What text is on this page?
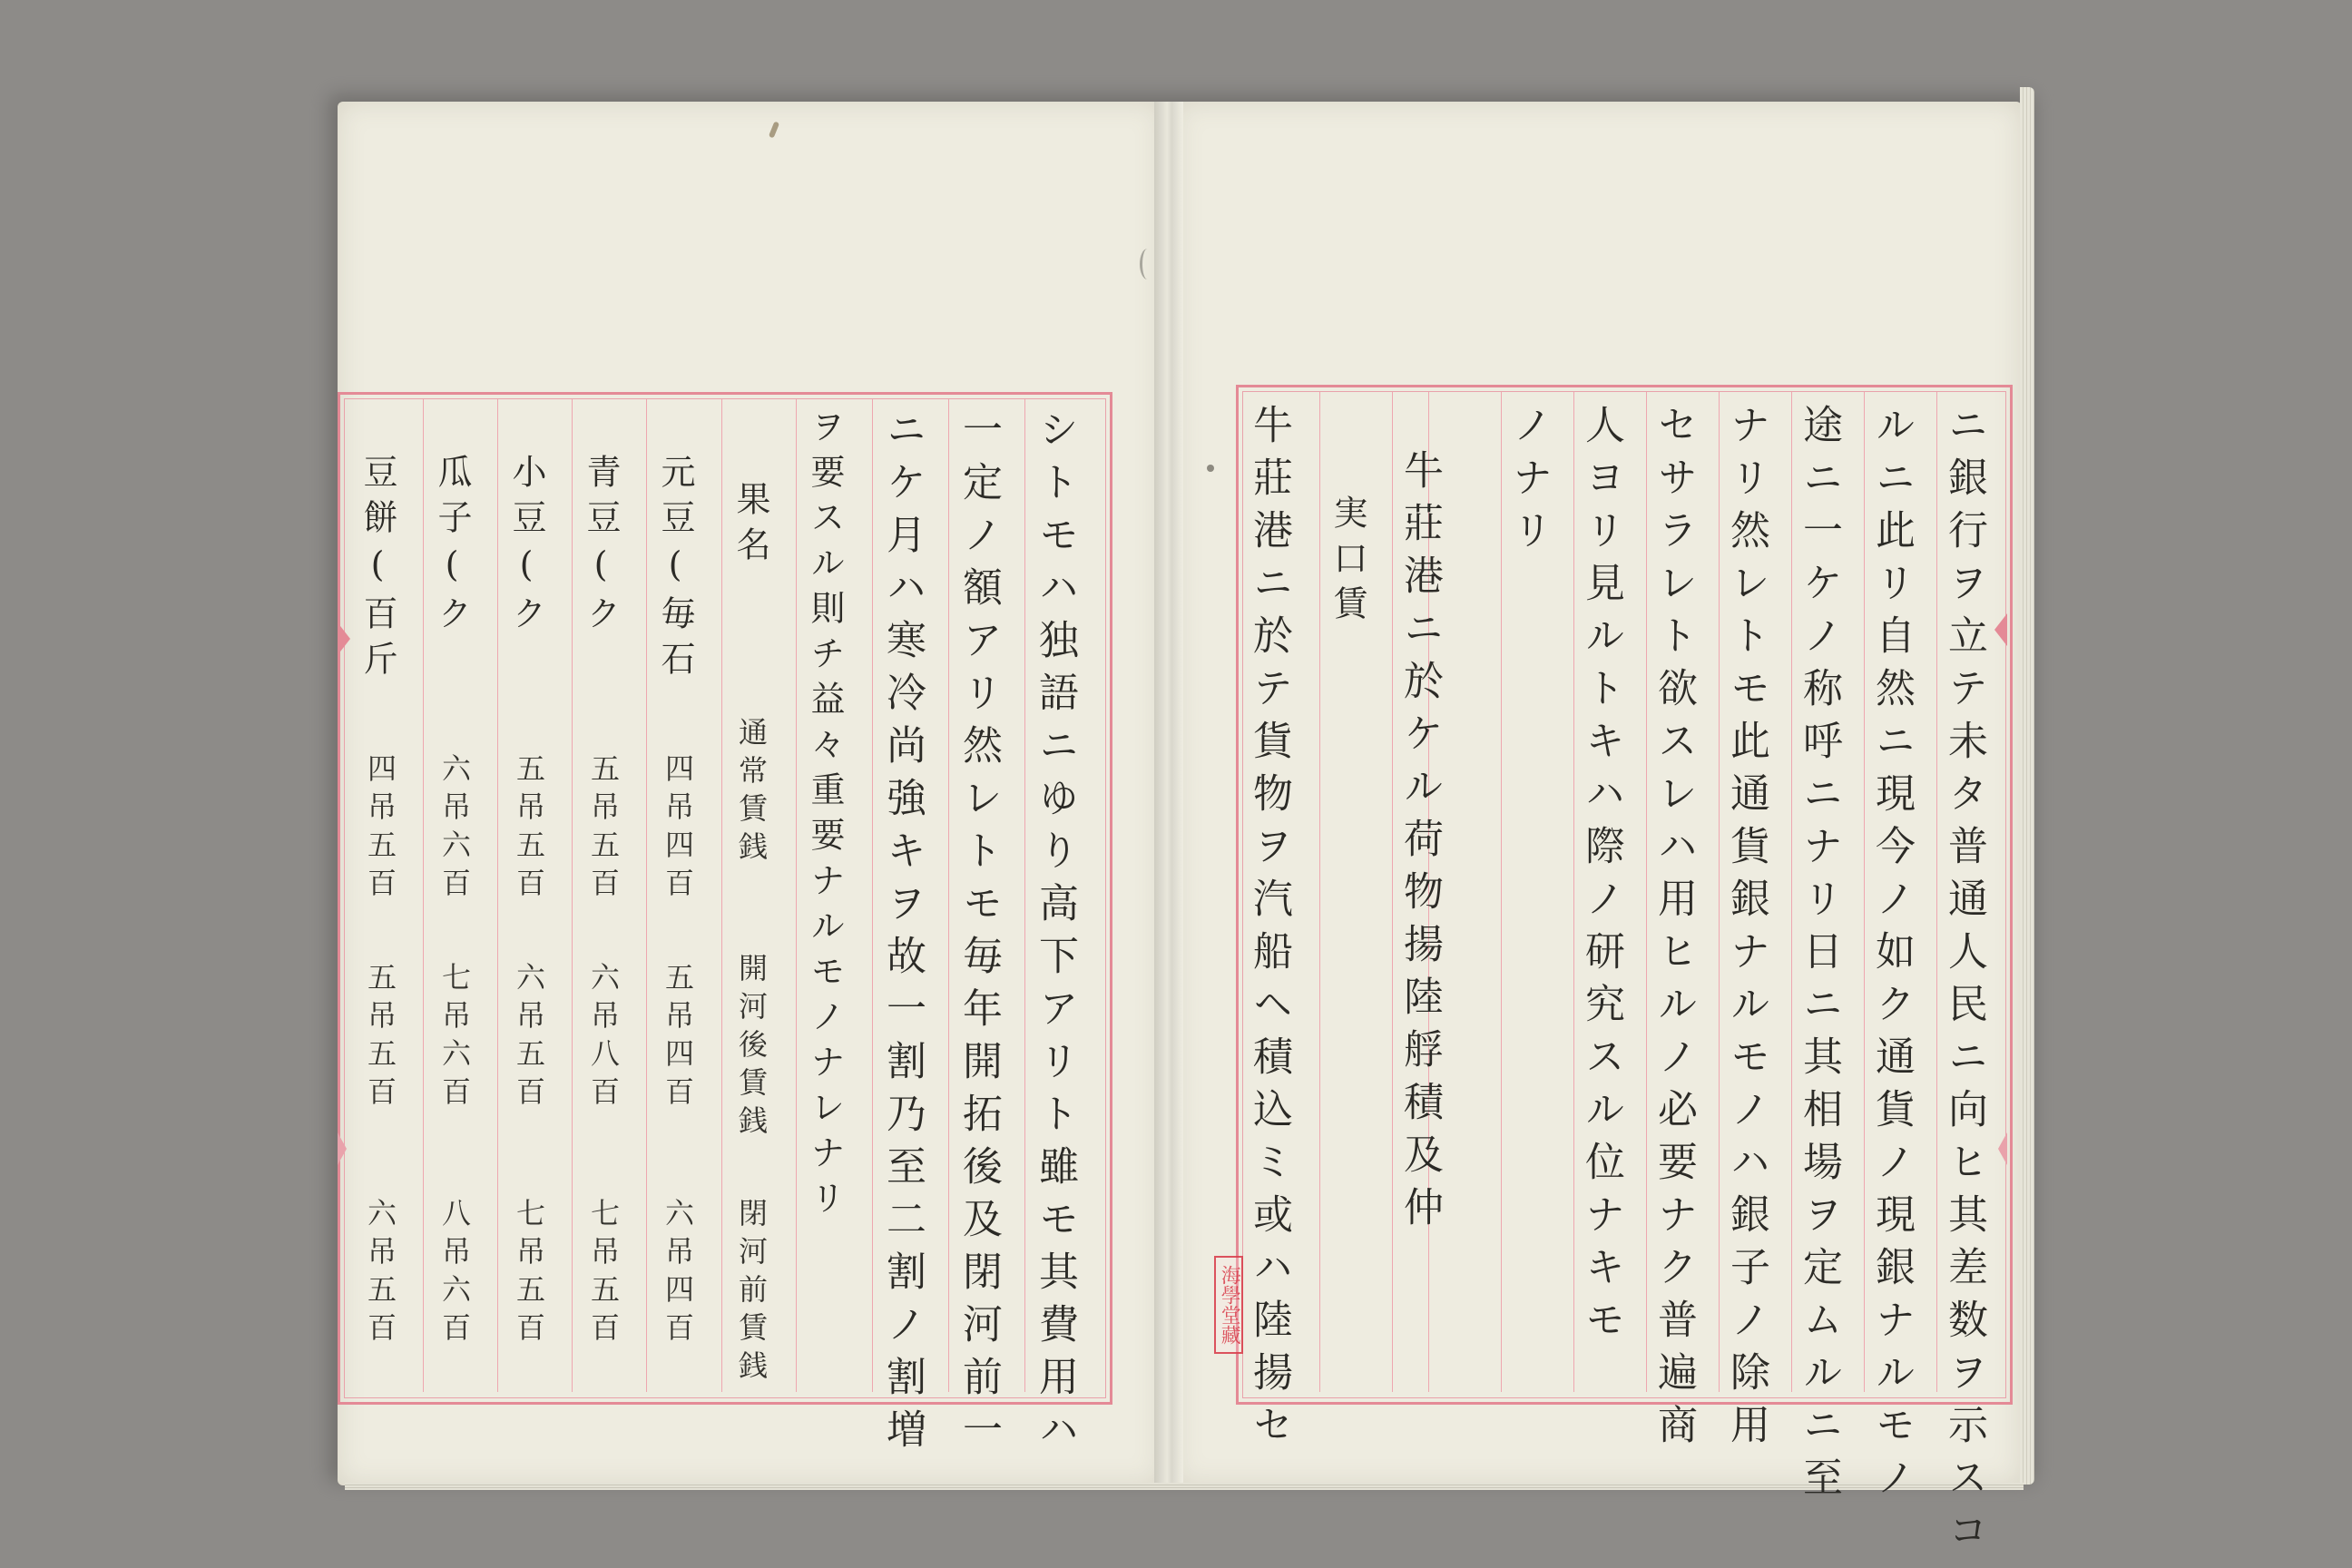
シトモハ独語ニゆり高下アリト雖モ其費用ハ
一定ノ額アリ然レトモ毎年開拓後及閉河前一
ニケ月ハ寒冷尚強キヲ故一割乃至二割ノ割増
ヲ要スル則チ益々重要ナルモノナレナリ
果名
通常賃銭
開河後賃銭
閉河前賃銭
元豆(毎石
青豆(ク
小豆(ク
瓜子(ク
豆餅(百斤
四吊四百
五吊五百
五吊五百
六吊六百
四吊五百
五吊四百
六吊八百
六吊五百
七吊六百
五吊五百
六吊四百
七吊五百
七吊五百
八吊六百
六吊五百	ニ銀行ヲ立テ未タ普通人民ニ向ヒ其差数ヲ示スコ
ルニ此リ自然ニ現今ノ如ク通貨ノ現銀ナルモノ
途ニ一ケノ称呼ニナリ日ニ其相場ヲ定ムルニ至
ナリ然レトモ此通貨銀ナルモノハ銀子ノ除用
セサラレト欲スレハ用ヒルノ必要ナク普遍商
人ヨリ見ルトキハ際ノ研究スル位ナキモ
ノナリ
牛莊港ニ於ケル荷物揚陸艀積及仲
実口賃
牛莊港ニ於テ貨物ヲ汽船ヘ積込ミ或ハ陸揚セ
海學堂藏
